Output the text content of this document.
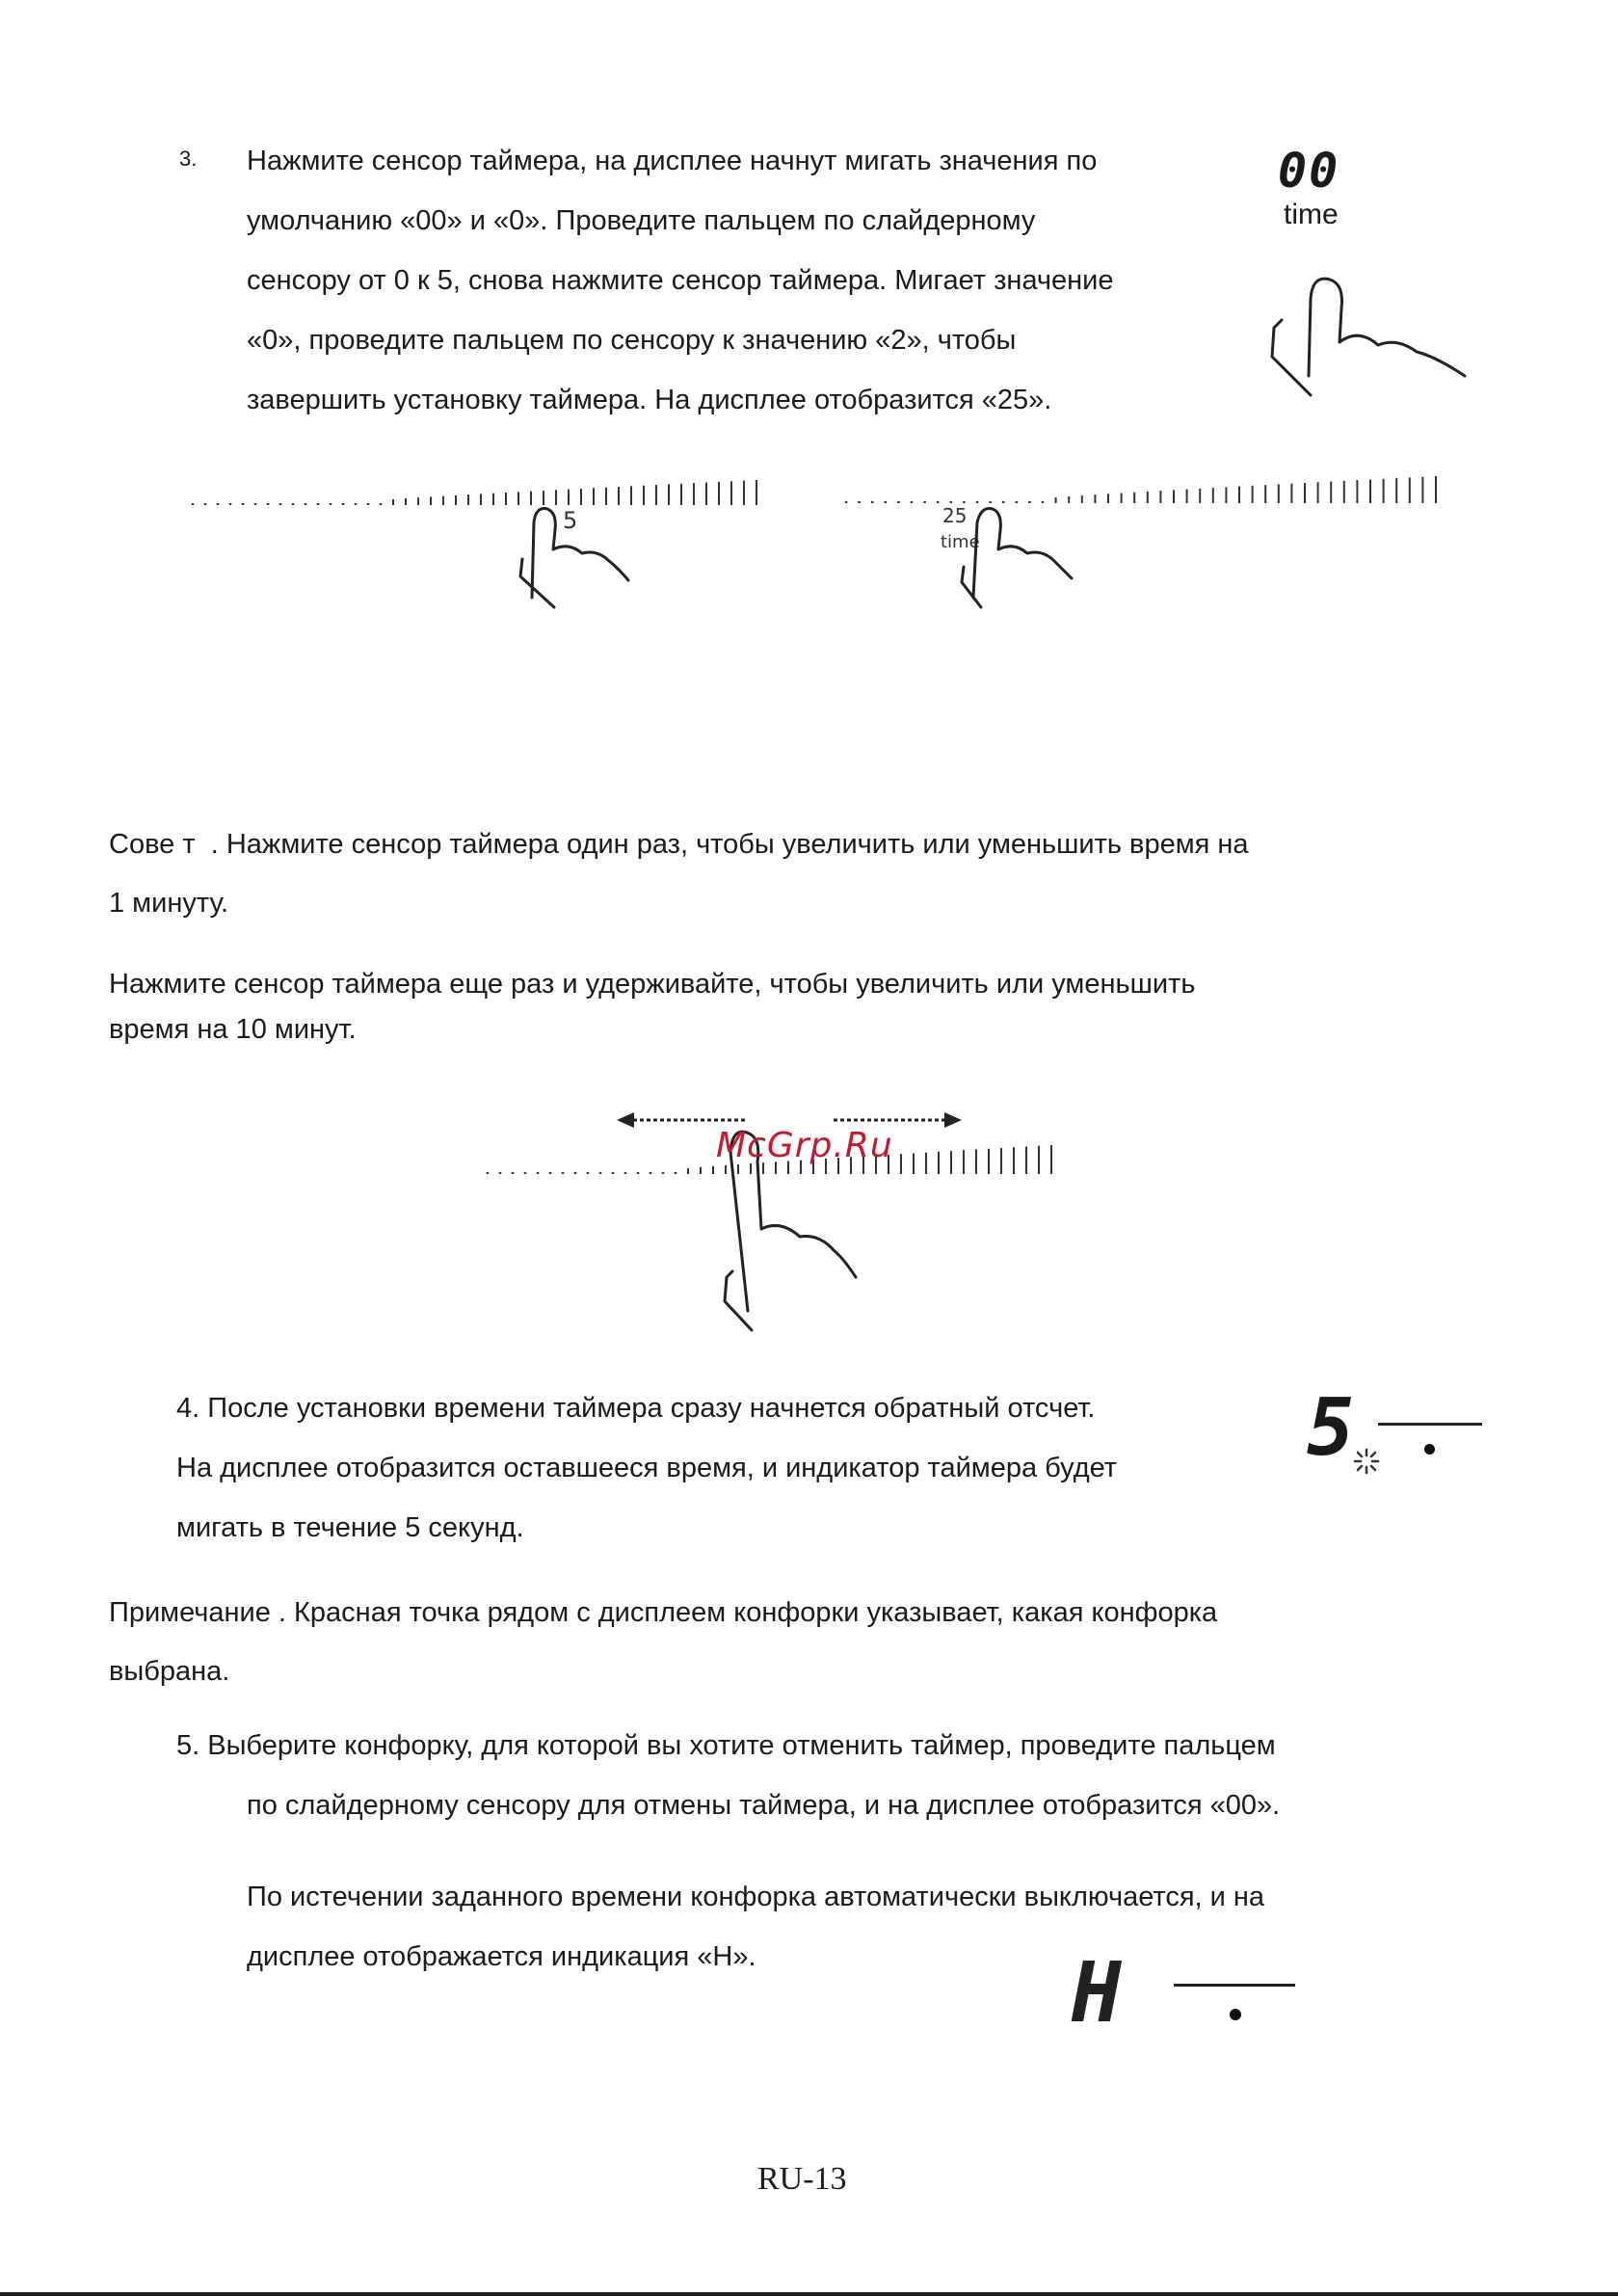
3. Нажмите сенсор таймера, на дисплее начнут мигать значения по

умолчанию «00» и «0». Проведите пальцем по слайдерному

сенсору от 0 к 5, снова нажмите сенсор таймера. Мигает значение

«0», проведите пальцем по сенсору к значению «2», чтобы

завершить установку таймера. На дисплее отобразится «25».

00
time
5	25
time
Сове т  . Нажмите сенсор таймера один раз, чтобы увеличить или уменьшить время на
1 минуту.
Нажмите сенсор таймера еще раз и удерживайте, чтобы увеличить или уменьшить
время на 10 минут.
McGrp.Ru
4. После установки времени таймера сразу начнется обратный отсчет.
На дисплее отобразится оставшееся время, и индикатор таймера будет
мигать в течение 5 секунд.
5
Примечание . Красная точка рядом с дисплеем конфорки указывает, какая конфорка
выбрана.
5. Выберите конфорку, для которой вы хотите отменить таймер, проведите пальцем
по слайдерному сенсору для отмены таймера, и на дисплее отобразится «00».
По истечении заданного времени конфорка автоматически выключается, и на
дисплее отображается индикация «H».	H
RU-13
